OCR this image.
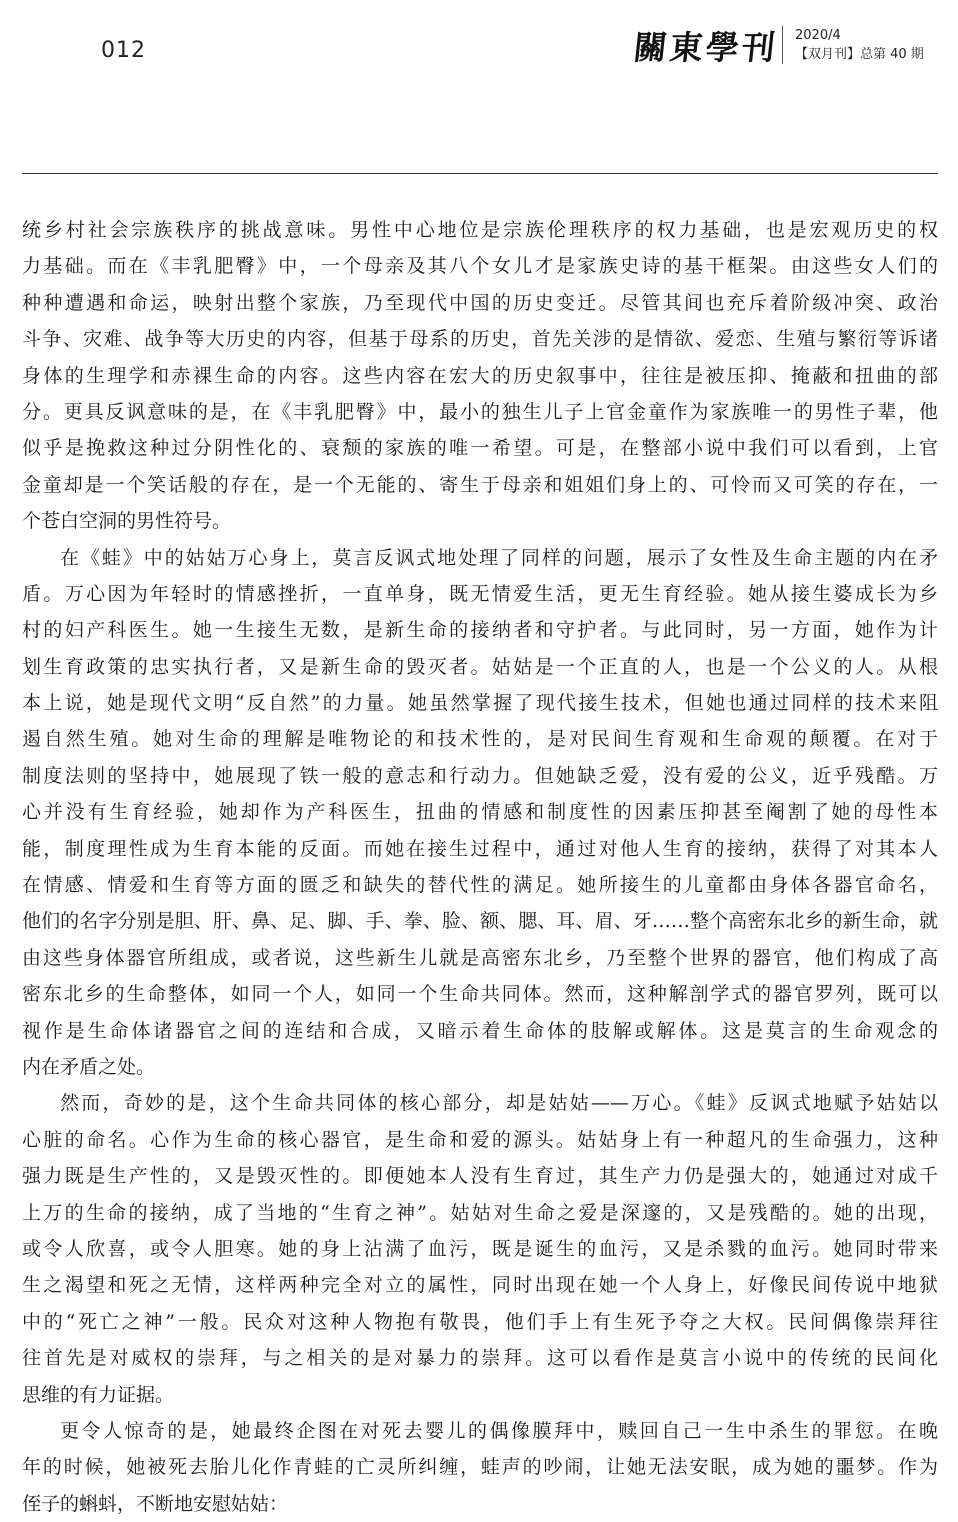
012	關東學刊 2020/4
【双月刊】总第 40 期
统乡村社会宗族秩序的挑战意味。男性中心地位是宗族伦理秩序的权力基础，也是宏观历史的权
力基础。而在《丰乳肥臀》中，一个母亲及其八个女儿才是家族史诗的基干框架。由这些女人们的
种种遭遇和命运，映射出整个家族，乃至现代中国的历史变迁。尽管其间也充斥着阶级冲突、政治
斗争、灾难、战争等大历史的内容，但基于母系的历史，首先关涉的是情欲、爱恋、生殖与繁衍等诉诸
身体的生理学和赤裸生命的内容。这些内容在宏大的历史叙事中，往往是被压抑、掩蔽和扭曲的部
分。更具反讽意味的是，在《丰乳肥臀》中，最小的独生儿子上官金童作为家族唯一的男性子辈，他
似乎是挽救这种过分阴性化的、衰颓的家族的唯一希望。可是，在整部小说中我们可以看到，上官
金童却是一个笑话般的存在，是一个无能的、寄生于母亲和姐姐们身上的、可怜而又可笑的存在，一
个苍白空洞的男性符号。
在《蛙》中的姑姑万心身上，莫言反讽式地处理了同样的问题，展示了女性及生命主题的内在矛
盾。万心因为年轻时的情感挫折，一直单身，既无情爱生活，更无生育经验。她从接生婆成长为乡
村的妇产科医生。她一生接生无数，是新生命的接纳者和守护者。与此同时，另一方面，她作为计
划生育政策的忠实执行者，又是新生命的毁灭者。姑姑是一个正直的人，也是一个公义的人。从根
本上说，她是现代文明“反自然”的力量。她虽然掌握了现代接生技术，但她也通过同样的技术来阻
遏自然生殖。她对生命的理解是唯物论的和技术性的，是对民间生育观和生命观的颠覆。在对于
制度法则的坚持中，她展现了铁一般的意志和行动力。但她缺乏爱，没有爱的公义，近乎残酷。万
心并没有生育经验，她却作为产科医生，扭曲的情感和制度性的因素压抑甚至阉割了她的母性本
能，制度理性成为生育本能的反面。而她在接生过程中，通过对他人生育的接纳，获得了对其本人
在情感、情爱和生育等方面的匮乏和缺失的替代性的满足。她所接生的儿童都由身体各器官命名，
他们的名字分别是胆、肝、鼻、足、脚、手、拳、脸、额、腮、耳、眉、牙……整个高密东北乡的新生命，就
由这些身体器官所组成，或者说，这些新生儿就是高密东北乡，乃至整个世界的器官，他们构成了高
密东北乡的生命整体，如同一个人，如同一个生命共同体。然而，这种解剖学式的器官罗列，既可以
视作是生命体诸器官之间的连结和合成，又暗示着生命体的肢解或解体。这是莫言的生命观念的
内在矛盾之处。
然而，奇妙的是，这个生命共同体的核心部分，却是姑姑——万心。《蛙》反讽式地赋予姑姑以
心脏的命名。心作为生命的核心器官，是生命和爱的源头。姑姑身上有一种超凡的生命强力，这种
强力既是生产性的，又是毁灭性的。即便她本人没有生育过，其生产力仍是强大的，她通过对成千
上万的生命的接纳，成了当地的“生育之神”。姑姑对生命之爱是深邃的，又是残酷的。她的出现，
或令人欣喜，或令人胆寒。她的身上沾满了血污，既是诞生的血污，又是杀戮的血污。她同时带来
生之渴望和死之无情，这样两种完全对立的属性，同时出现在她一个人身上，好像民间传说中地狱
中的“死亡之神”一般。民众对这种人物抱有敬畏，他们手上有生死予夺之大权。民间偶像崇拜往
往首先是对威权的崇拜，与之相关的是对暴力的崇拜。这可以看作是莫言小说中的传统的民间化
思维的有力证据。
更令人惊奇的是，她最终企图在对死去婴儿的偶像膜拜中，赎回自己一生中杀生的罪愆。在晚
年的时候，她被死去胎儿化作青蛙的亡灵所纠缠，蛙声的吵闹，让她无法安眠，成为她的噩梦。作为
侄子的蝌蚪，不断地安慰姑姑：
